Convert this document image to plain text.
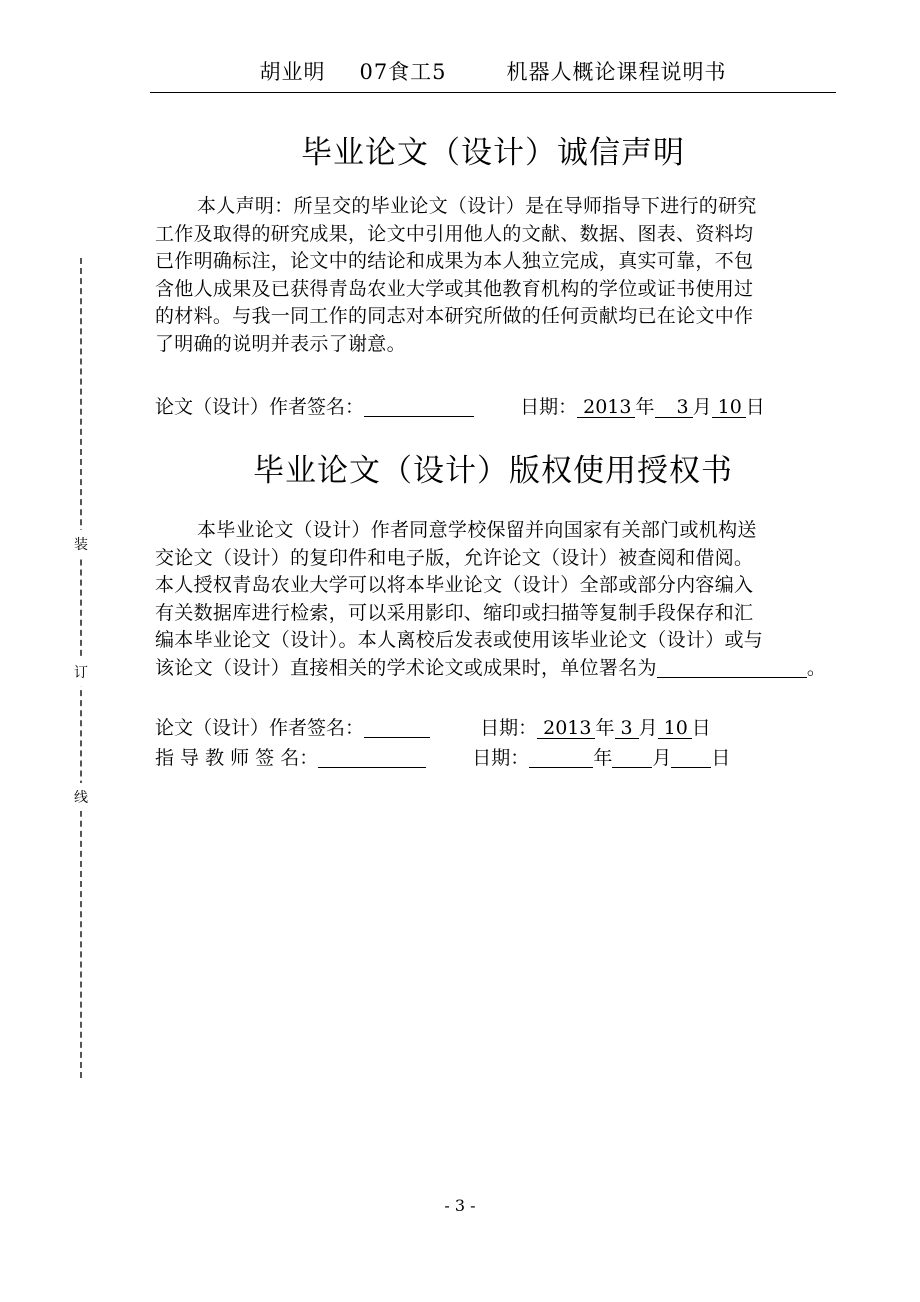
胡业明 07食工5	机器人概论课程说明书
装
订
线
毕业论文（设计）诚信声明

本人声明：所呈交的毕业论文（设计）是在导师指导下进行的研究

工作及取得的研究成果，论文中引用他人的文献、数据、图表、资料均

已作明确标注，论文中的结论和成果为本人独立完成，真实可靠，不包

含他人成果及已获得青岛农业大学或其他教育机构的学位或证书使用过

的材料。与我一同工作的同志对本研究所做的任何贡献均已在论文中作

了明确的说明并表示了谢意。

论文（设计）作者签名：	日期： 2013 年 3 月 10 日
毕业论文（设计）版权使用授权书

本毕业论文（设计）作者同意学校保留并向国家有关部门或机构送

交论文（设计）的复印件和电子版，允许论文（设计）被查阅和借阅。

本人授权青岛农业大学可以将本毕业论文（设计）全部或部分内容编入

有关数据库进行检索，可以采用影印、缩印或扫描等复制手段保存和汇

编本毕业论文（设计）。本人离校后发表或使用该毕业论文（设计）或与

该论文（设计）直接相关的学术论文或成果时，单位署名为	。

论文（设计）作者签名：	日期： 2013 年 3 月 10 日
指 导 教 师 签 名：	日期：	年 月 日
- 3 -
